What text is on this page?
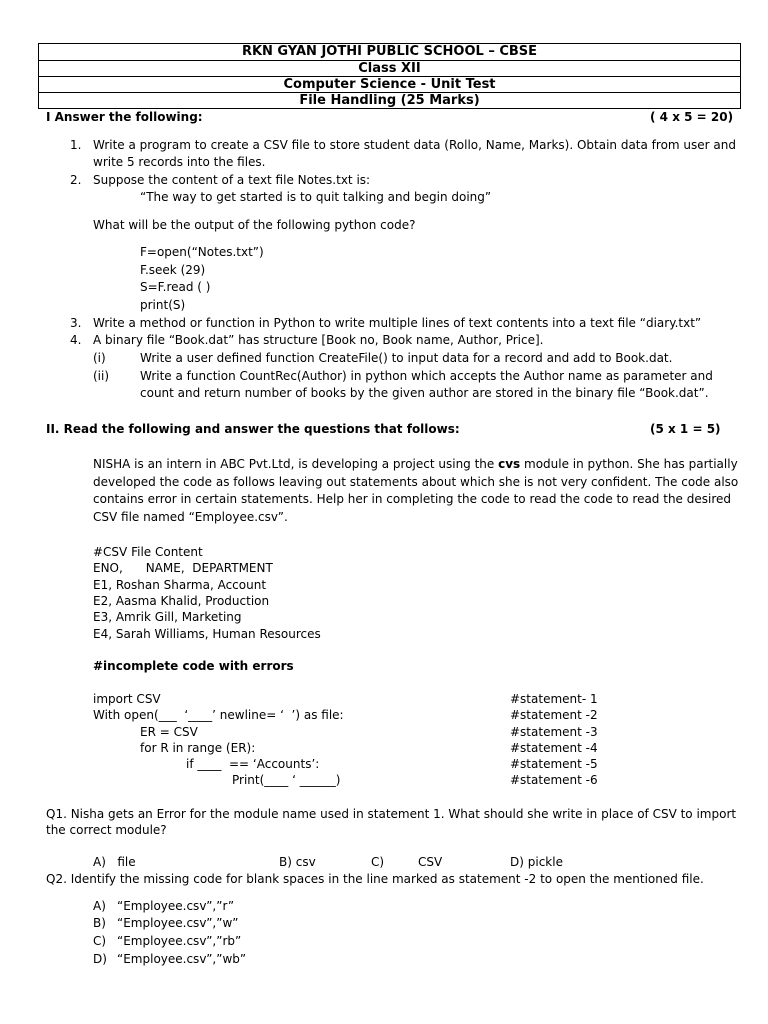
RKN GYAN JOTHI PUBLIC SCHOOL – CBSE
Class XII
Computer Science - Unit Test
File Handling (25 Marks)
I Answer the following:	( 4 x 5 = 20)
1. Write a program to create a CSV file to store student data (Rollo, Name, Marks). Obtain data from user and
write 5 records into the files.
2. Suppose the content of a text file Notes.txt is:
“The way to get started is to quit talking and begin doing”
What will be the output of the following python code?
F=open(“Notes.txt”)
F.seek (29)
S=F.read ( )
print(S)
3. Write a method or function in Python to write multiple lines of text contents into a text file “diary.txt”
4. A binary file “Book.dat” has structure [Book no, Book name, Author, Price].
(i)	Write a user defined function CreateFile() to input data for a record and add to Book.dat.
(ii)	Write a function CountRec(Author) in python which accepts the Author name as parameter and
count and return number of books by the given author are stored in the binary file “Book.dat”.
II. Read the following and answer the questions that follows:	(5 x 1 = 5)
NISHA is an intern in ABC Pvt.Ltd, is developing a project using the cvs module in python. She has partially
developed the code as follows leaving out statements about which she is not very confident. The code also
contains error in certain statements. Help her in completing the code to read the code to read the desired
CSV file named “Employee.csv”.
#CSV File Content
ENO,      NAME,  DEPARTMENT
E1, Roshan Sharma, Account
E2, Aasma Khalid, Production
E3, Amrik Gill, Marketing
E4, Sarah Williams, Human Resources
#incomplete code with errors
import CSV	#statement- 1
With open(___  ‘____’ newline= ‘  ’) as file:	#statement -2
ER = CSV	#statement -3
for R in range (ER):	#statement -4
if ____  == ‘Accounts’:	#statement -5
Print(____ ‘ ______)	#statement -6
Q1. Nisha gets an Error for the module name used in statement 1. What should she write in place of CSV to import
the correct module?
A)   file	B) csv	C)	CSV	D) pickle
Q2. Identify the missing code for blank spaces in the line marked as statement -2 to open the mentioned file.
A) “Employee.csv”,”r”
B) “Employee.csv”,”w”
C) “Employee.csv”,”rb”
D) “Employee.csv”,”wb”
